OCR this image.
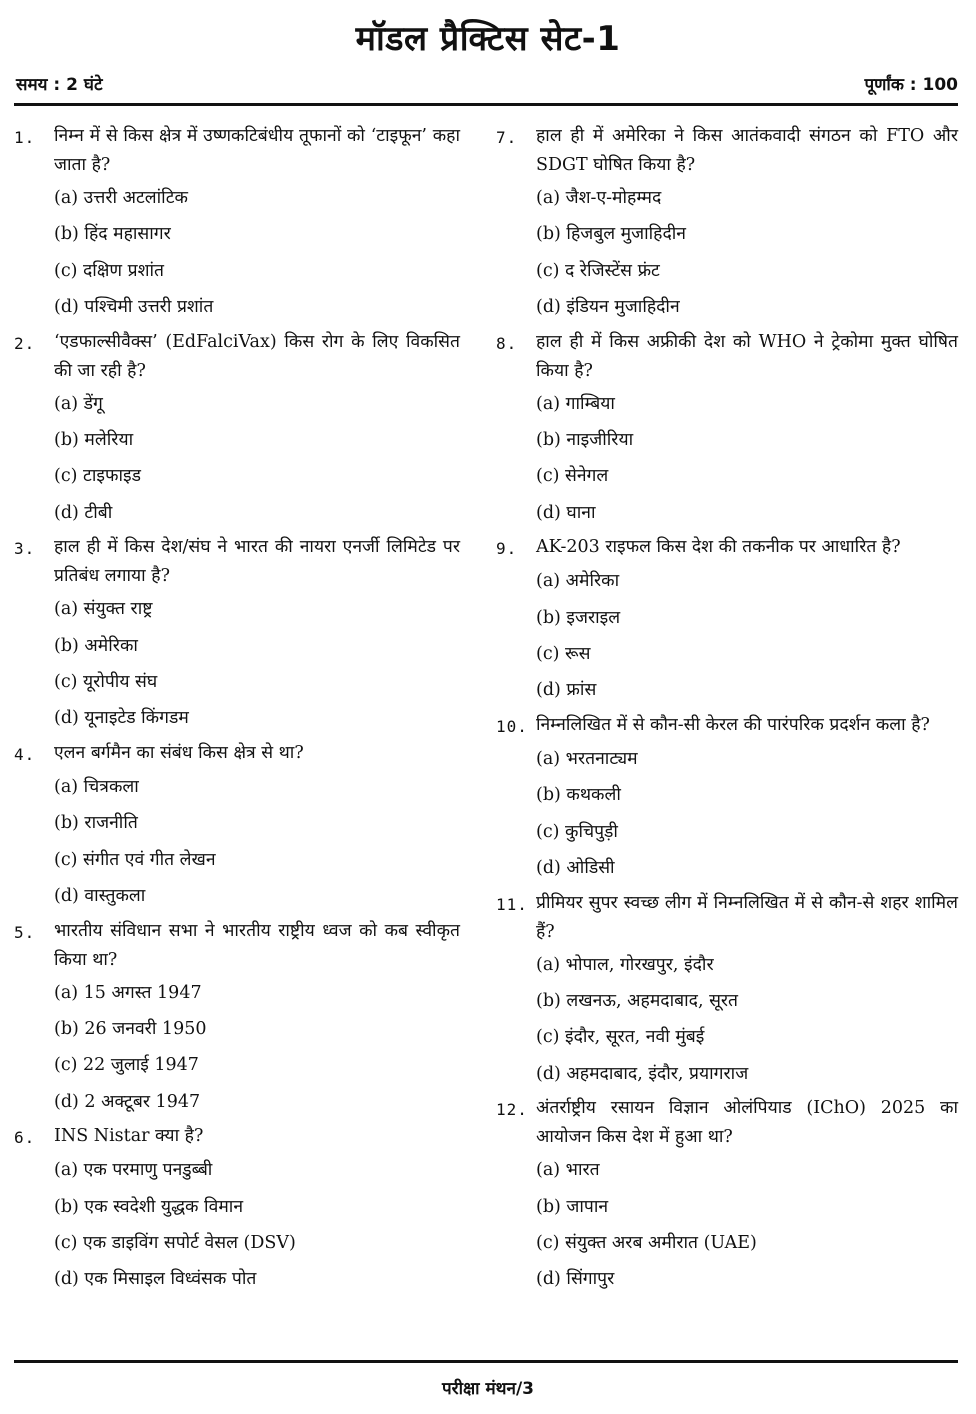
मॉडल प्रैक्टिस सेट-1
समय : 2 घंटे	पूर्णांक : 100
1.	निम्न में से किस क्षेत्र में उष्णकटिबंधीय तूफानों को ‘टाइफून’ कहा जाता है?
(a) उत्तरी अटलांटिक
(b) हिंद महासागर
(c) दक्षिण प्रशांत
(d) पश्चिमी उत्तरी प्रशांत
2.	‘एडफाल्सीवैक्स’ (EdFalciVax) किस रोग के लिए विकसित की जा रही है?
(a) डेंगू
(b) मलेरिया
(c) टाइफाइड
(d) टीबी
3.	हाल ही में किस देश/संघ ने भारत की नायरा एनर्जी लिमिटेड पर प्रतिबंध लगाया है?
(a) संयुक्त राष्ट्र
(b) अमेरिका
(c) यूरोपीय संघ
(d) यूनाइटेड किंगडम
4.	एलन बर्गमैन का संबंध किस क्षेत्र से था?
(a) चित्रकला
(b) राजनीति
(c) संगीत एवं गीत लेखन
(d) वास्तुकला
5.	भारतीय संविधान सभा ने भारतीय राष्ट्रीय ध्वज को कब स्वीकृत किया था?
(a) 15 अगस्त 1947
(b) 26 जनवरी 1950
(c) 22 जुलाई 1947
(d) 2 अक्टूबर 1947
6.	INS Nistar क्या है?
(a) एक परमाणु पनडुब्बी
(b) एक स्वदेशी युद्धक विमान
(c) एक डाइविंग सपोर्ट वेसल (DSV)
(d) एक मिसाइल विध्वंसक पोत
7.	हाल ही में अमेरिका ने किस आतंकवादी संगठन को FTO और SDGT घोषित किया है?
(a) जैश-ए-मोहम्मद
(b) हिजबुल मुजाहिदीन
(c) द रेजिस्टेंस फ्रंट
(d) इंडियन मुजाहिदीन
8.	हाल ही में किस अफ्रीकी देश को WHO ने ट्रेकोमा मुक्त घोषित किया है?
(a) गाम्बिया
(b) नाइजीरिया
(c) सेनेगल
(d) घाना
9.	AK-203 राइफल किस देश की तकनीक पर आधारित है?
(a) अमेरिका
(b) इजराइल
(c) रूस
(d) फ्रांस
10. निम्नलिखित में से कौन-सी केरल की पारंपरिक प्रदर्शन कला है?
(a) भरतनाट्यम
(b) कथकली
(c) कुचिपुड़ी
(d) ओडिसी
11. प्रीमियर सुपर स्वच्छ लीग में निम्नलिखित में से कौन-से शहर शामिल हैं?
(a) भोपाल, गोरखपुर, इंदौर
(b) लखनऊ, अहमदाबाद, सूरत
(c) इंदौर, सूरत, नवी मुंबई
(d) अहमदाबाद, इंदौर, प्रयागराज
12. अंतर्राष्ट्रीय रसायन विज्ञान ओलंपियाड (IChO) 2025 का आयोजन किस देश में हुआ था?
(a) भारत
(b) जापान
(c) संयुक्त अरब अमीरात (UAE)
(d) सिंगापुर
परीक्षा मंथन/3
